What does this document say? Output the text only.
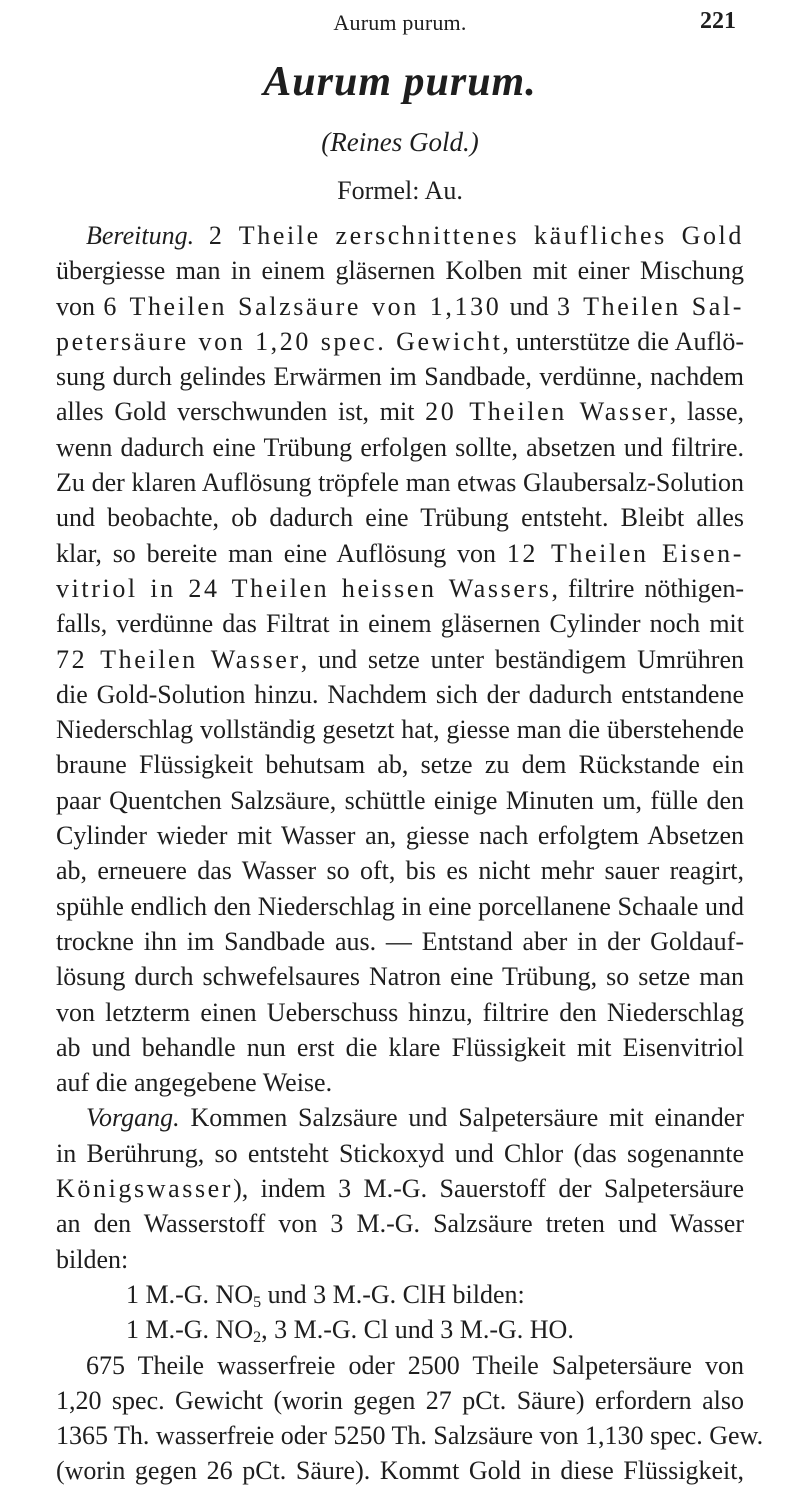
Aurum purum.	221
Aurum purum.
(Reines Gold.)
Formel: Au.
Bereitung. 2 Theile zerschnittenes käufliches Gold
übergiesse man in einem gläsernen Kolben mit einer Mischung
von 6 Theilen Salzsäure von 1,130 und 3 Theilen Sal-
petersäure von 1,20 spec. Gewicht, unterstütze die Auflö-
sung durch gelindes Erwärmen im Sandbade, verdünne, nachdem
alles Gold verschwunden ist, mit 20 Theilen Wasser, lasse,
wenn dadurch eine Trübung erfolgen sollte, absetzen und filtrire.
Zu der klaren Auflösung tröpfele man etwas Glaubersalz-Solution
und beobachte, ob dadurch eine Trübung entsteht. Bleibt alles
klar, so bereite man eine Auflösung von 12 Theilen Eisen-
vitriol in 24 Theilen heissen Wassers, filtrire nöthigen-
falls, verdünne das Filtrat in einem gläsernen Cylinder noch mit
72 Theilen Wasser, und setze unter beständigem Umrühren
die Gold-Solution hinzu. Nachdem sich der dadurch entstandene
Niederschlag vollständig gesetzt hat, giesse man die überstehende
braune Flüssigkeit behutsam ab, setze zu dem Rückstande ein
paar Quentchen Salzsäure, schüttle einige Minuten um, fülle den
Cylinder wieder mit Wasser an, giesse nach erfolgtem Absetzen
ab, erneuere das Wasser so oft, bis es nicht mehr sauer reagirt,
spühle endlich den Niederschlag in eine porcellanene Schaale und
trockne ihn im Sandbade aus. — Entstand aber in der Goldauf-
lösung durch schwefelsaures Natron eine Trübung, so setze man
von letzterm einen Ueberschuss hinzu, filtrire den Niederschlag
ab und behandle nun erst die klare Flüssigkeit mit Eisenvitriol
auf die angegebene Weise.
Vorgang. Kommen Salzsäure und Salpetersäure mit einander
in Berührung, so entsteht Stickoxyd und Chlor (das sogenannte
Königswasser), indem 3 M.-G. Sauerstoff der Salpetersäure
an den Wasserstoff von 3 M.-G. Salzsäure treten und Wasser
bilden:
1 M.-G. $NO_5$ und 3 M.-G. ClH bilden:
1 M.-G. $NO_2$, 3 M.-G. Cl und 3 M.-G. HO.
675 Theile wasserfreie oder 2500 Theile Salpetersäure von
1,20 spec. Gewicht (worin gegen 27 pCt. Säure) erfordern also
1365 Th. wasserfreie oder 5250 Th. Salzsäure von 1,130 spec. Gew.
(worin gegen 26 pCt. Säure). Kommt Gold in diese Flüssigkeit,
